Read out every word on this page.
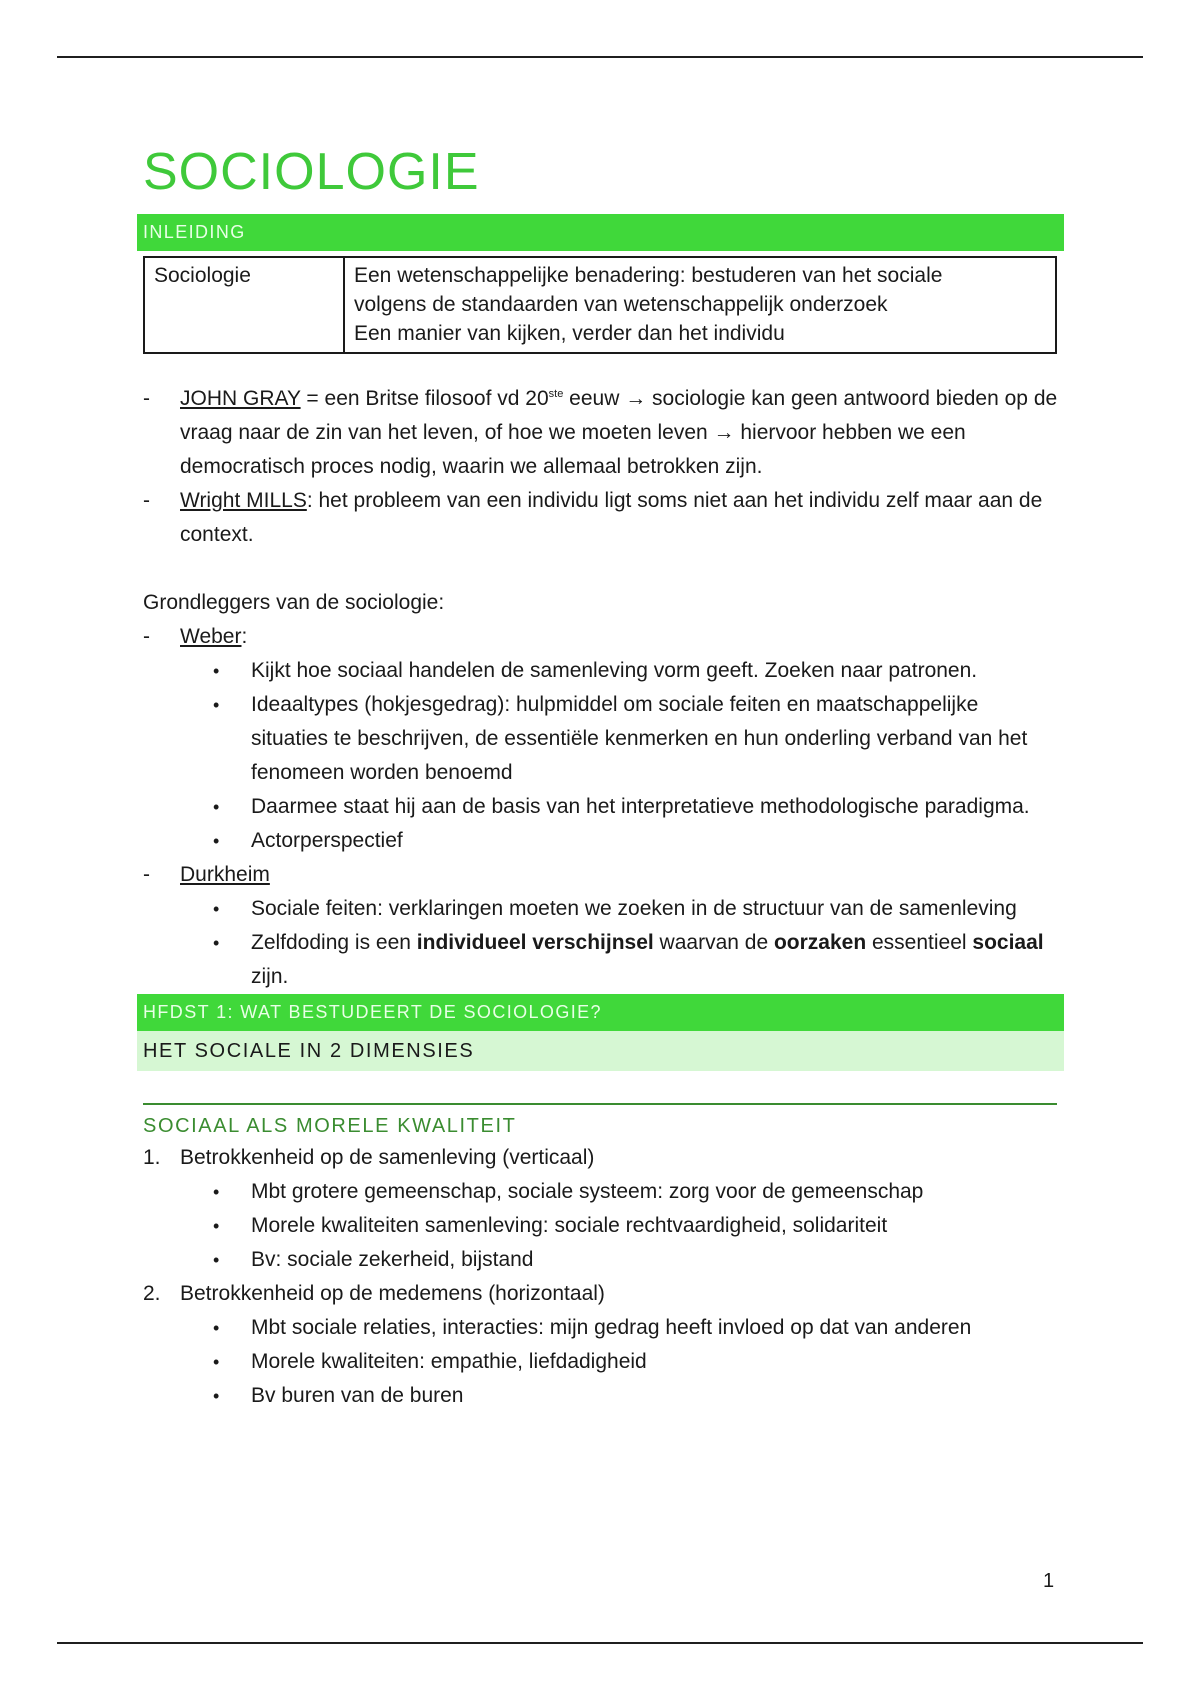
SOCIOLOGIE
INLEIDING
Sociologie	Een wetenschappelijke benadering: bestuderen van het sociale
volgens de standaarden van wetenschappelijk onderzoek
Een manier van kijken, verder dan het individu
- JOHN GRAY = een Britse filosoof vd 20ste eeuw → sociologie kan geen antwoord bieden op de vraag naar de zin van het leven, of hoe we moeten leven → hiervoor hebben we een democratisch proces nodig, waarin we allemaal betrokken zijn.
- Wright MILLS: het probleem van een individu ligt soms niet aan het individu zelf maar aan de context.
Grondleggers van de sociologie:
- Weber:
• Kijkt hoe sociaal handelen de samenleving vorm geeft. Zoeken naar patronen.
• Ideaaltypes (hokjesgedrag): hulpmiddel om sociale feiten en maatschappelijke situaties te beschrijven, de essentiële kenmerken en hun onderling verband van het fenomeen worden benoemd
• Daarmee staat hij aan de basis van het interpretatieve methodologische paradigma.
• Actorperspectief
- Durkheim
• Sociale feiten: verklaringen moeten we zoeken in de structuur van de samenleving
• Zelfdoding is een individueel verschijnsel waarvan de oorzaken essentieel sociaal zijn.
HFDST 1: WAT BESTUDEERT DE SOCIOLOGIE?
HET SOCIALE IN 2 DIMENSIES
SOCIAAL ALS MORELE KWALITEIT
1. Betrokkenheid op de samenleving (verticaal)
• Mbt grotere gemeenschap, sociale systeem: zorg voor de gemeenschap
• Morele kwaliteiten samenleving: sociale rechtvaardigheid, solidariteit
• Bv: sociale zekerheid, bijstand
2. Betrokkenheid op de medemens (horizontaal)
• Mbt sociale relaties, interacties: mijn gedrag heeft invloed op dat van anderen
• Morele kwaliteiten: empathie, liefdadigheid
• Bv buren van de buren
1
